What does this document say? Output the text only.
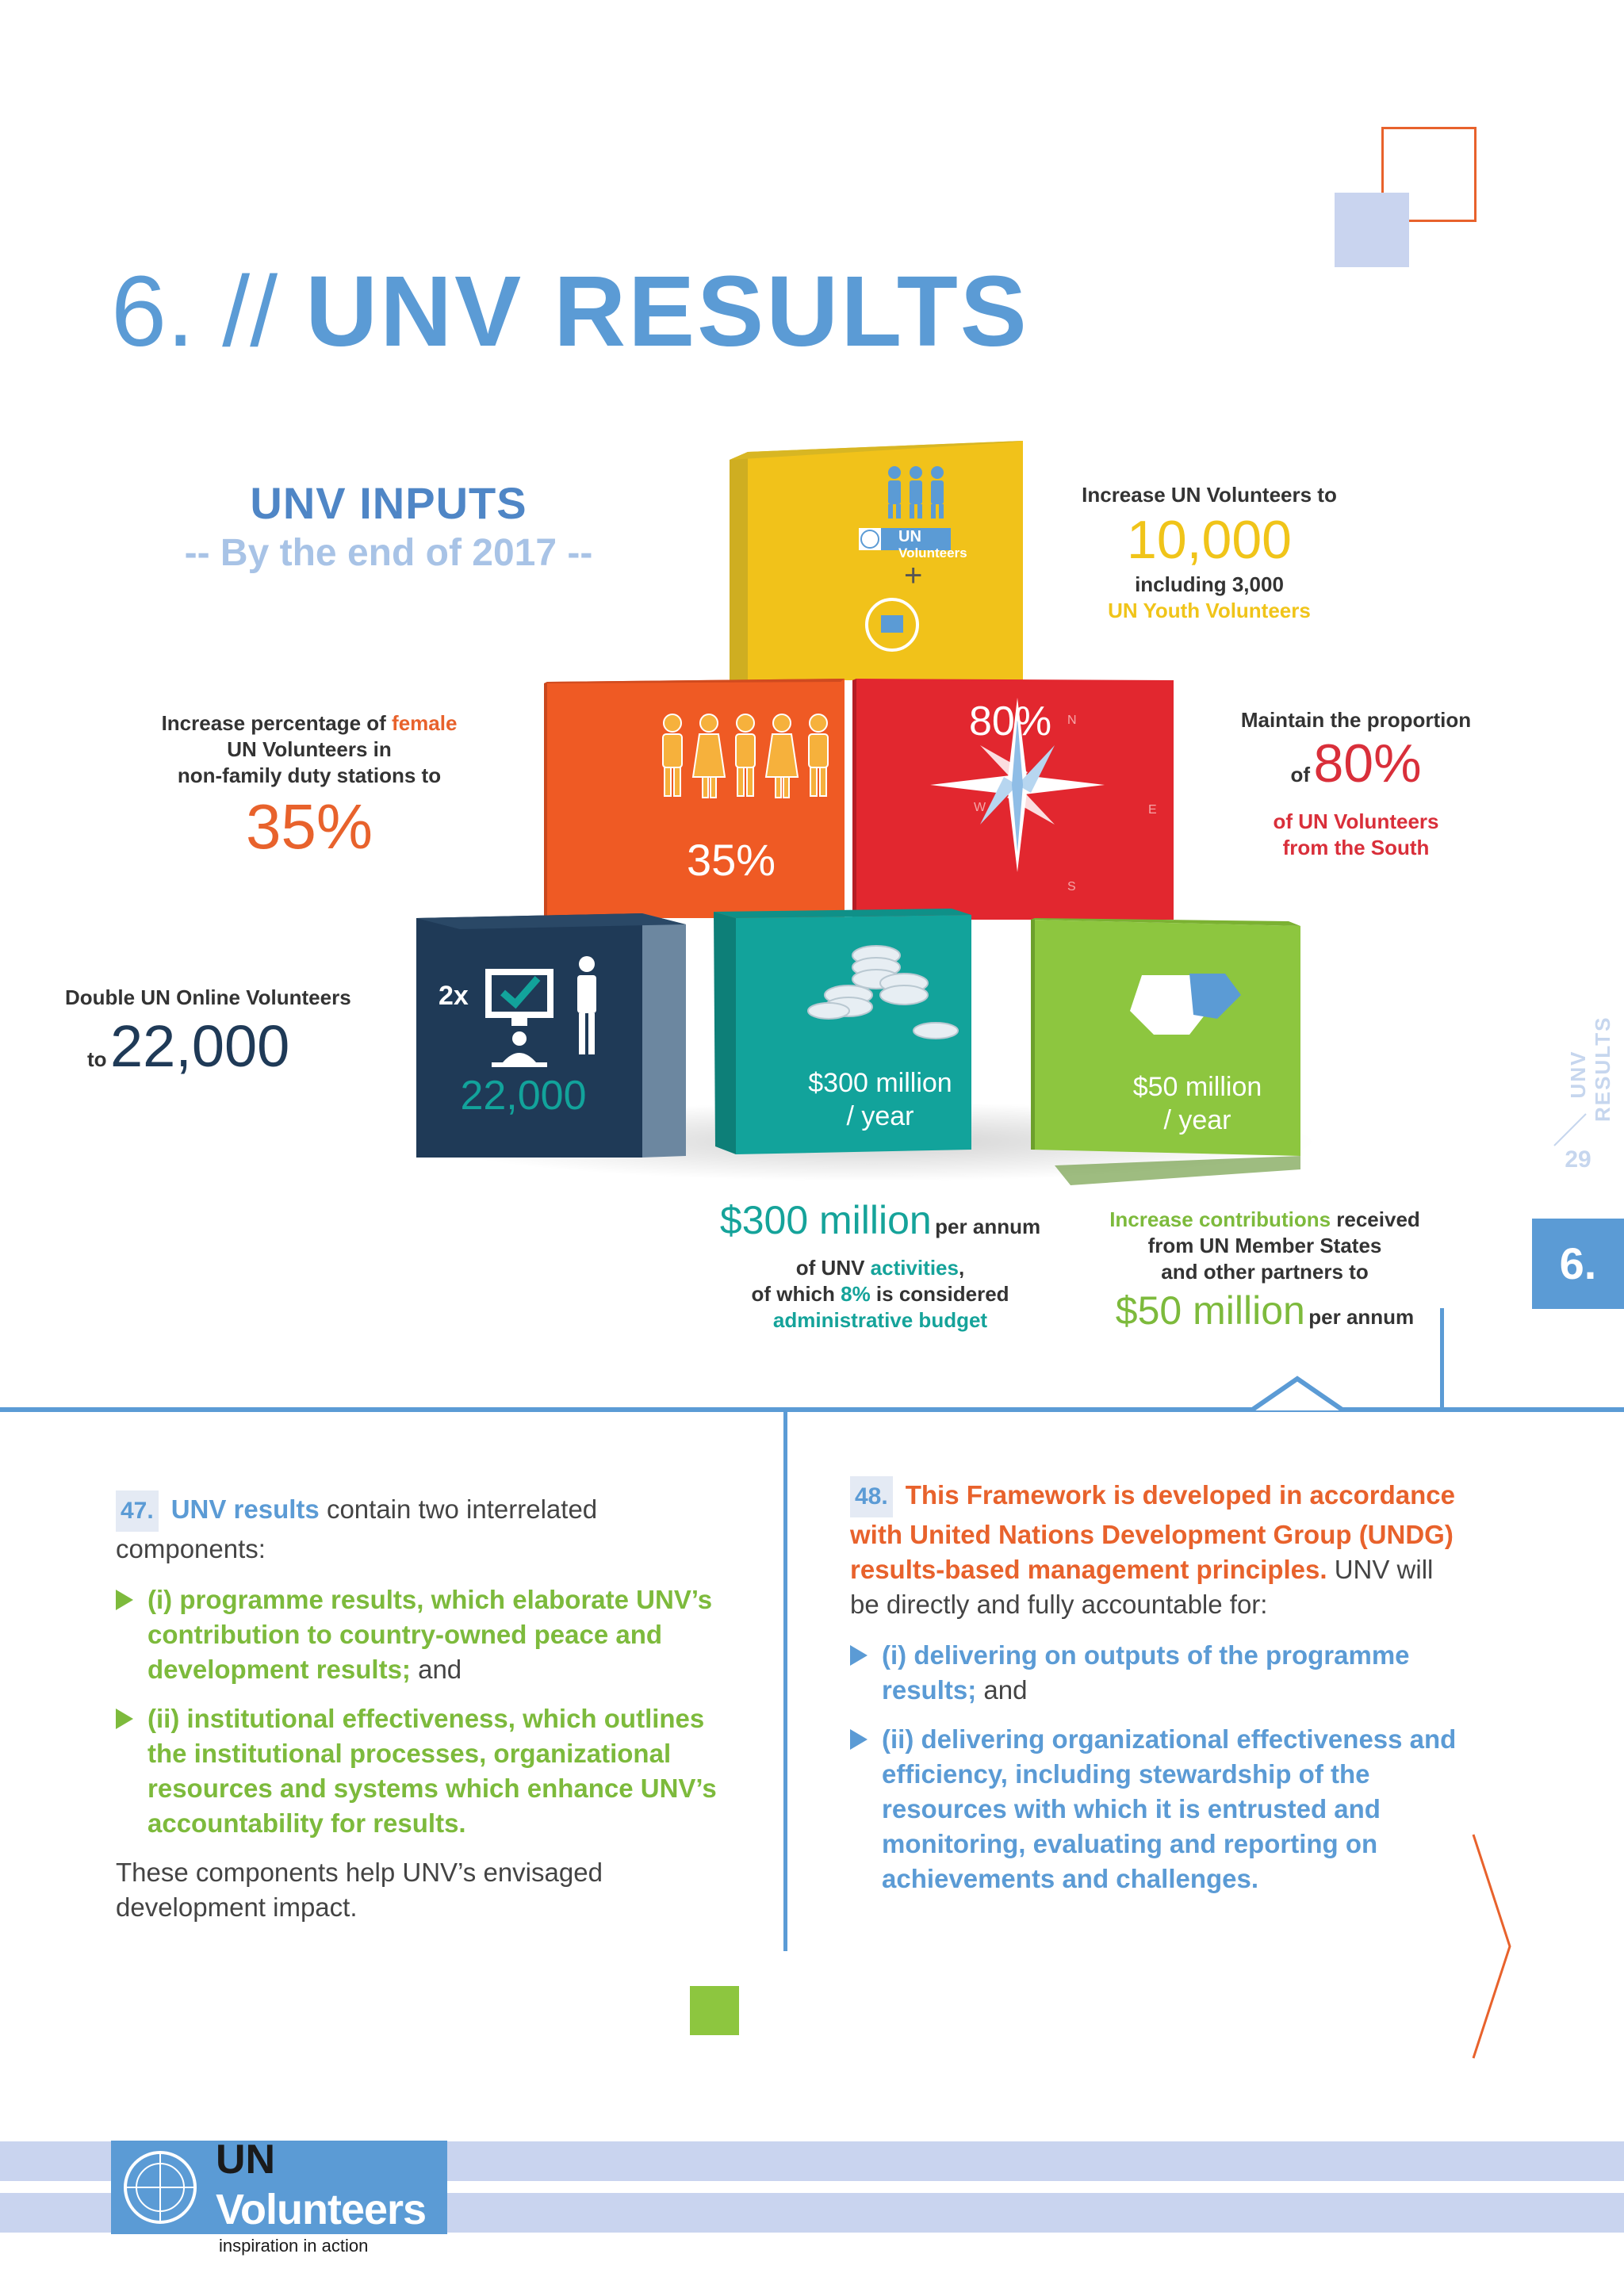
6. // UNV RESULTS
UNV INPUTS
-- By the end of 2017 --	UN
Volunteers
+
35%
80% N
S
E
W
2x
22,000	$300 million
/ year
$50 million
/ year
Increase UN Volunteers to
10,000
including 3,000
UN Youth Volunteers
Increase percentage of female
UN Volunteers in
non-family duty stations to
35%
Maintain the proportion
of 80%
of UN Volunteers
from the South
Double UN Online Volunteers
to 22,000
$300 million per annum
of UNV activities,
of which 8% is considered
administrative budget
Increase contributions received
from UN Member States
and other partners to
$50 million per annum
UNV RESULTS
29
6.
47. UNV results contain two interrelated components:
(i) programme results, which elaborate UNV’s contribution to country-owned peace and development results; and
(ii) institutional effectiveness, which outlines the institutional processes, organizational resources and systems which enhance UNV’s accountability for results.
These components help UNV’s envisaged development impact.
48. This Framework is developed in accordance with United Nations Development Group (UNDG) results-based management principles. UNV will be directly and fully accountable for:
(i) delivering on outputs of the programme results; and
(ii) delivering organizational effectiveness and efficiency, including stewardship of the resources with which it is entrusted and monitoring, evaluating and reporting on achievements and challenges.
UN
Volunteers
inspiration in action
